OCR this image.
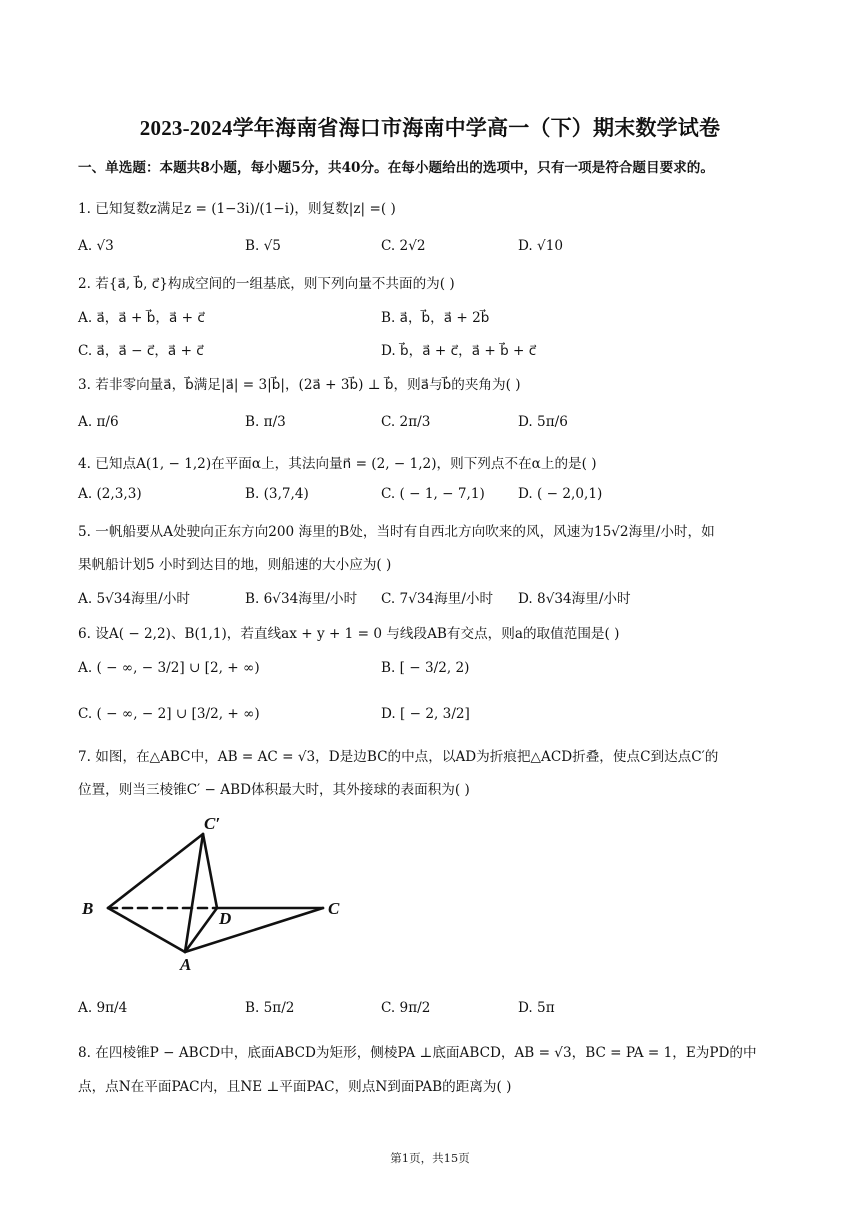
2023-2024学年海南省海口市海南中学高一（下）期末数学试卷
一、单选题：本题共8小题，每小题5分，共40分。在每小题给出的选项中，只有一项是符合题目要求的。
1. 已知复数z满足z = (1−3i)/(1−i)，则复数|z| =( )
A. √3	B. √5	C. 2√2	D. √10
2. 若{a⃗, b⃗, c⃗}构成空间的一组基底，则下列向量不共面的为( )
A. a⃗，a⃗ + b⃗，a⃗ + c⃗	B. a⃗，b⃗，a⃗ + 2b⃗
C. a⃗，a⃗ − c⃗，a⃗ + c⃗	D. b⃗，a⃗ + c⃗，a⃗ + b⃗ + c⃗
3. 若非零向量a⃗，b⃗满足|a⃗| = 3|b⃗|，(2a⃗ + 3b⃗) ⊥ b⃗，则a⃗与b⃗的夹角为( )
A. π/6	B. π/3	C. 2π/3	D. 5π/6
4. 已知点A(1, − 1,2)在平面α上，其法向量n⃗ = (2, − 1,2)，则下列点不在α上的是( )
A. (2,3,3)	B. (3,7,4)	C. ( − 1, − 7,1) D. ( − 2,0,1)
5. 一帆船要从A处驶向正东方向200 海里的B处，当时有自西北方向吹来的风，风速为15√2海里/小时，如
果帆船计划5 小时到达目的地，则船速的大小应为( )
A. 5√34海里/小时	B. 6√34海里/小时 C. 7√34海里/小时 D. 8√34海里/小时
6. 设A( − 2,2)、B(1,1)，若直线ax + y + 1 = 0 与线段AB有交点，则a的取值范围是( )
A. ( − ∞, − 3/2] ∪ [2, + ∞)	B. [ − 3/2, 2)
C. ( − ∞, − 2] ∪ [3/2, + ∞)	D. [ − 2, 3/2]
7. 如图，在△ABC中，AB = AC = √3，D是边BC的中点，以AD为折痕把△ACD折叠，使点C到达点C′的
位置，则当三棱锥C′ − ABD体积最大时，其外接球的表面积为( )
C′
B
D
C
A
A. 9π/4	B. 5π/2	C. 9π/2	D. 5π
8. 在四棱锥P − ABCD中，底面ABCD为矩形，侧棱PA ⊥底面ABCD，AB = √3，BC = PA = 1，E为PD的中
点，点N在平面PAC内，且NE ⊥平面PAC，则点N到面PAB的距离为( )
第1页，共15页
